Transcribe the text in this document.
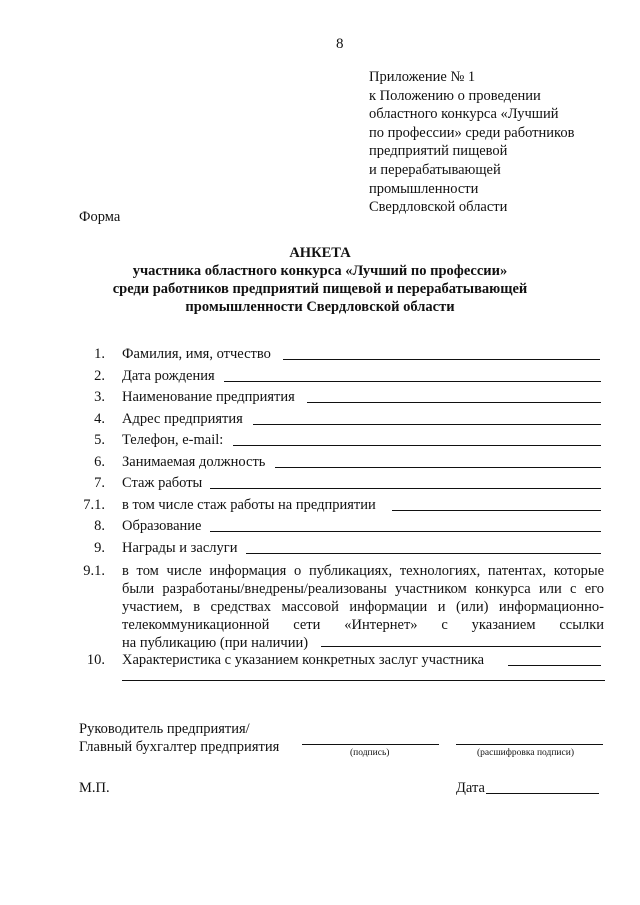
8
Приложение № 1
к Положению о проведении
областного конкурса «Лучший
по профессии» среди работников
предприятий пищевой
и перерабатывающей
промышленности
Свердловской области
Форма
АНКЕТА
участника областного конкурса «Лучший по профессии»
среди работников предприятий пищевой и перерабатывающей
промышленности Свердловской области
1. Фамилия, имя, отчество
2. Дата рождения
3. Наименование предприятия
4. Адрес предприятия
5. Телефон, e-mail:
6. Занимаемая должность
7. Стаж работы
7.1. в том числе стаж работы на предприятии
8. Образование
9. Награды и заслуги
9.1. в том числе информация о публикациях, технологиях, патентах, которые
были разработаны/внедрены/реализованы участником конкурса или с его
участием, в средствах массовой информации и (или) информационно-
телекоммуникационной сети «Интернет» с указанием ссылки
на публикацию (при наличии)
10. Характеристика с указанием конкретных заслуг участника
Руководитель предприятия/
Главный бухгалтер предприятия	(подпись)	(расшифровка подписи)
М.П.	Дата
